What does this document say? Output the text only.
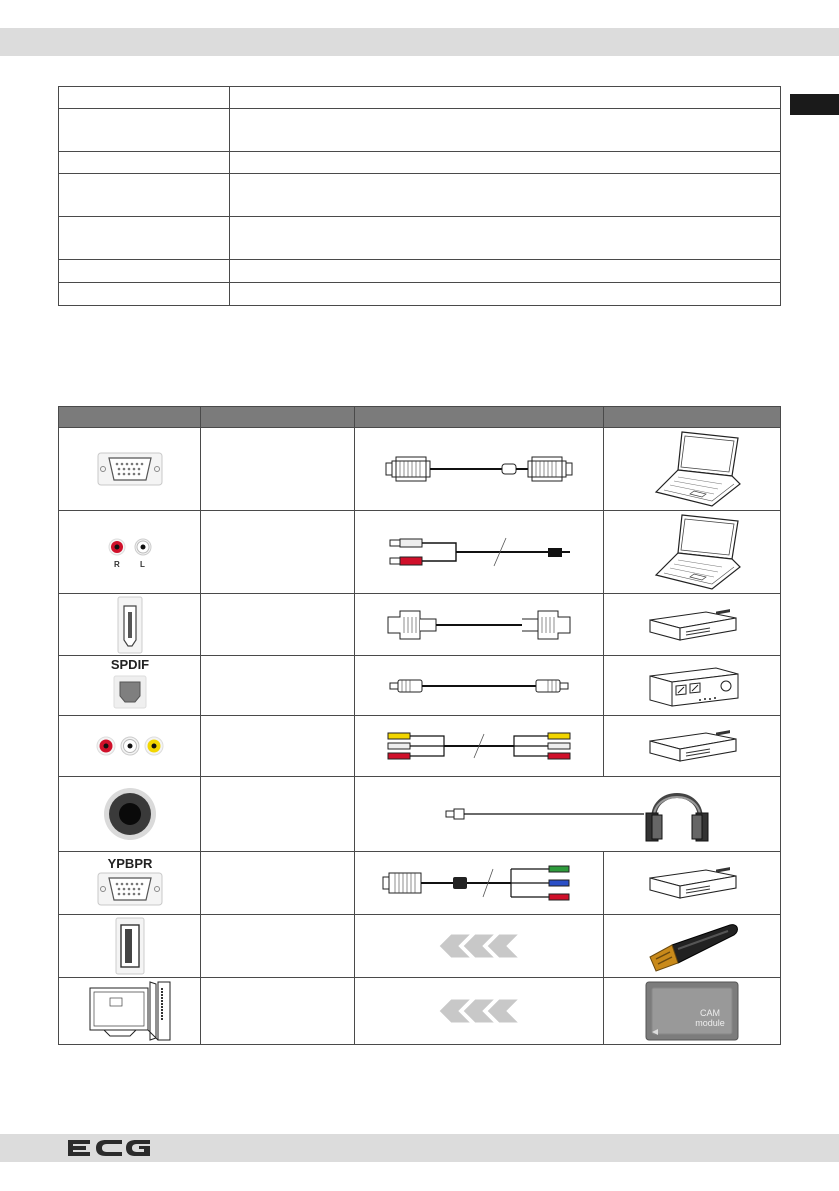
R L

SPDIF

YPBPR

CAM
module
